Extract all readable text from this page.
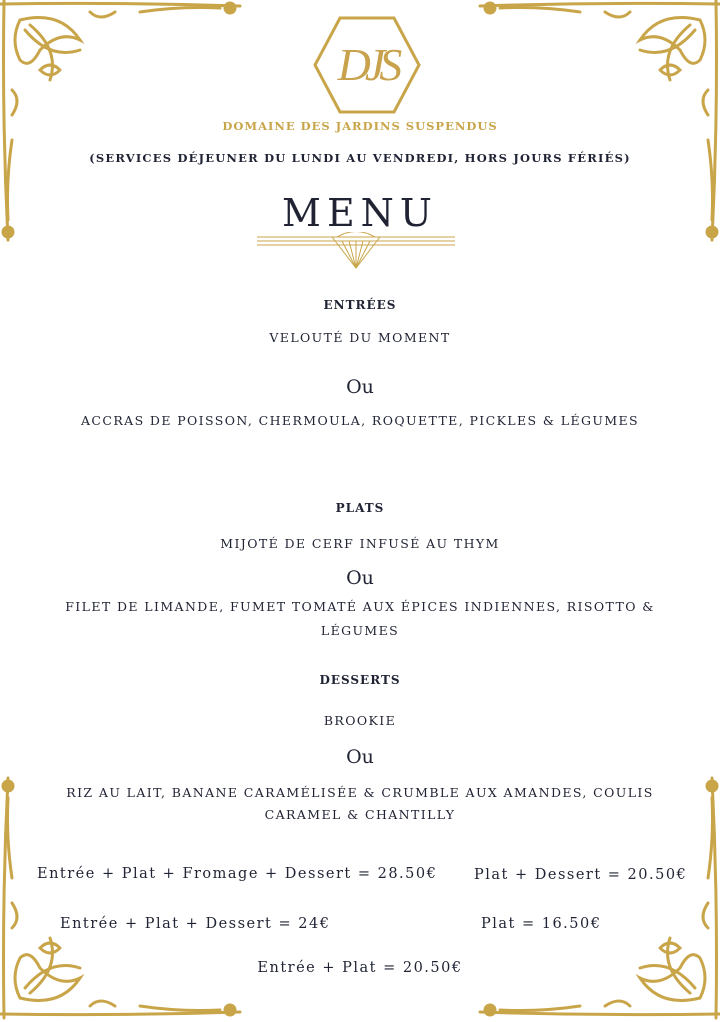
DJS
DOMAINE DES JARDINS SUSPENDUS
(SERVICES DÉJEUNER DU LUNDI AU VENDREDI, HORS JOURS FÉRIÉS)
MENU
ENTRÉES
VELOUTÉ DU MOMENT
Ou
ACCRAS DE POISSON, CHERMOULA, ROQUETTE, PICKLES & LÉGUMES
PLATS
MIJOTÉ DE CERF INFUSÉ AU THYM
Ou
FILET DE LIMANDE, FUMET TOMATÉ AUX ÉPICES INDIENNES, RISOTTO &
LÉGUMES
DESSERTS
BROOKIE
Ou
RIZ AU LAIT, BANANE CARAMÉLISÉE & CRUMBLE AUX AMANDES, COULIS
CARAMEL & CHANTILLY
Entrée + Plat + Fromage + Dessert = 28.50€	Plat + Dessert = 20.50€
Entrée + Plat + Dessert = 24€	Plat = 16.50€
Entrée + Plat = 20.50€
